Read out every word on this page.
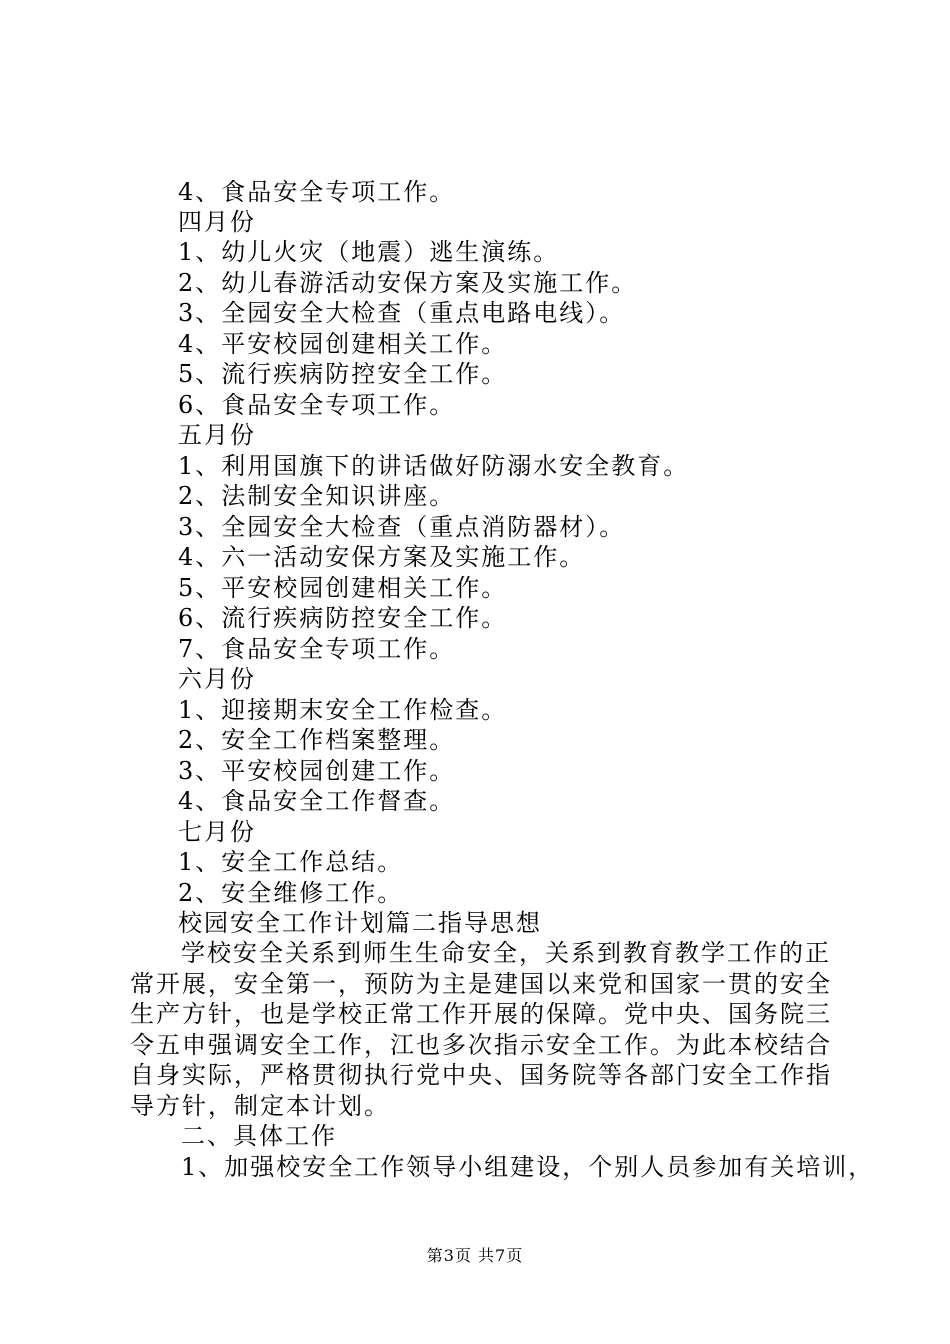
4、食品安全专项工作。
四月份
1、幼儿火灾（地震）逃生演练。
2、幼儿春游活动安保方案及实施工作。
3、全园安全大检查（重点电路电线）。
4、平安校园创建相关工作。
5、流行疾病防控安全工作。
6、食品安全专项工作。
五月份
1、利用国旗下的讲话做好防溺水安全教育。
2、法制安全知识讲座。
3、全园安全大检查（重点消防器材）。
4、六一活动安保方案及实施工作。
5、平安校园创建相关工作。
6、流行疾病防控安全工作。
7、食品安全专项工作。
六月份
1、迎接期末安全工作检查。
2、安全工作档案整理。
3、平安校园创建工作。
4、食品安全工作督查。
七月份
1、安全工作总结。
2、安全维修工作。
校园安全工作计划篇二指导思想
学校安全关系到师生生命安全，关系到教育教学工作的正
常开展，安全第一，预防为主是建国以来党和国家一贯的安全
生产方针，也是学校正常工作开展的保障。党中央、国务院三
令五申强调安全工作，江也多次指示安全工作。为此本校结合
自身实际，严格贯彻执行党中央、国务院等各部门安全工作指
导方针，制定本计划。
二、具体工作
1、加强校安全工作领导小组建设，个别人员参加有关培训，
第3页 共7页
